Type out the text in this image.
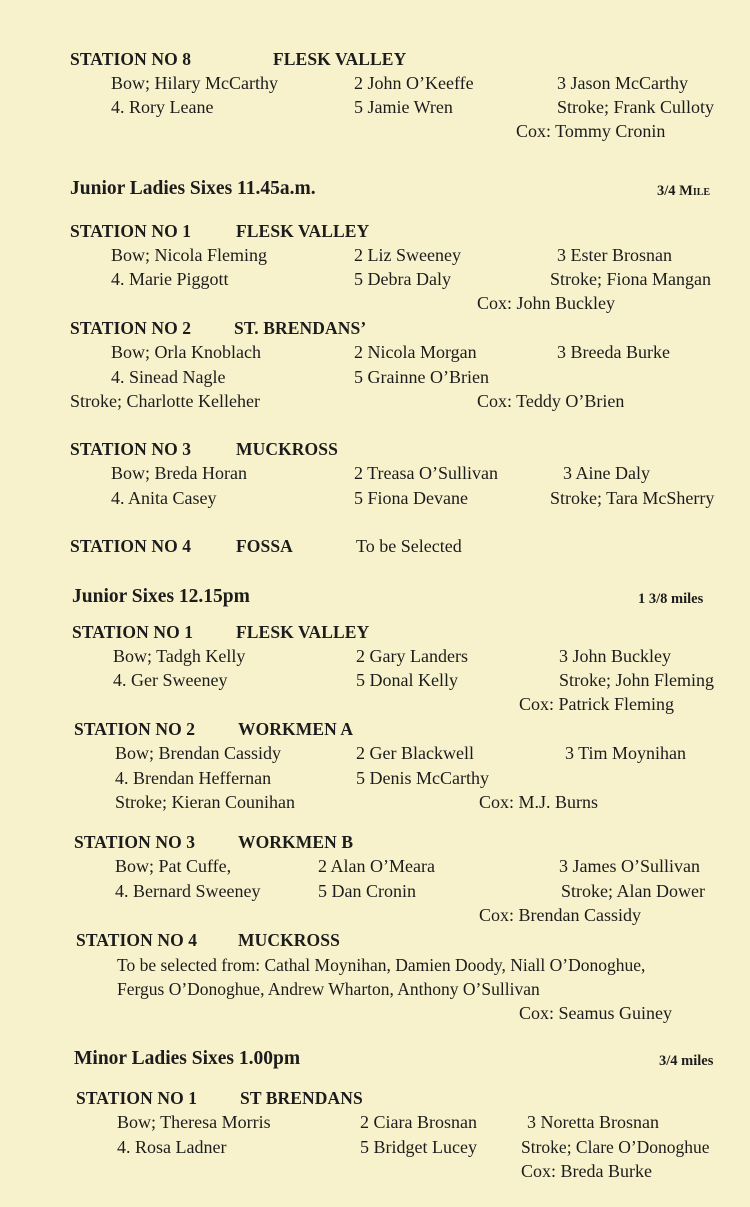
STATION NO 8	FLESK VALLEY
Bow; Hilary McCarthy	2 John O’Keeffe	3 Jason McCarthy
4. Rory Leane	5 Jamie Wren	Stroke; Frank Culloty
Cox: Tommy Cronin
Junior Ladies Sixes 11.45a.m.	3/4 Mile
STATION NO 1	FLESK VALLEY
Bow; Nicola Fleming	2 Liz Sweeney	3 Ester Brosnan
4. Marie Piggott	5 Debra Daly	Stroke; Fiona Mangan
Cox: John Buckley
STATION NO 2 ST. BRENDANS’
Bow; Orla Knoblach	2 Nicola Morgan	3 Breeda Burke
4. Sinead Nagle	5 Grainne O’Brien
Stroke; Charlotte Kelleher	Cox: Teddy O’Brien
STATION NO 3	MUCKROSS
Bow; Breda Horan	2 Treasa O’Sullivan	3 Aine Daly
4. Anita Casey	5 Fiona Devane	Stroke; Tara McSherry
STATION NO 4	FOSSA	To be Selected
Junior Sixes 12.15pm	1 3/8 miles
STATION NO 1 FLESK VALLEY
Bow; Tadgh Kelly	2 Gary Landers	3 John Buckley
4. Ger Sweeney	5 Donal Kelly	Stroke; John Fleming
Cox: Patrick Fleming
STATION NO 2 WORKMEN A
Bow; Brendan Cassidy	2 Ger Blackwell	3 Tim Moynihan
4. Brendan Heffernan	5 Denis McCarthy
Stroke; Kieran Counihan	Cox: M.J. Burns
STATION NO 3 WORKMEN B
Bow; Pat Cuffe,	2 Alan O’Meara	3 James O’Sullivan
4. Bernard Sweeney	5 Dan Cronin	Stroke; Alan Dower
Cox: Brendan Cassidy
STATION NO 4 MUCKROSS
To be selected from: Cathal Moynihan, Damien Doody, Niall O’Donoghue,
Fergus O’Donoghue, Andrew Wharton, Anthony O’Sullivan
Cox: Seamus Guiney
Minor Ladies Sixes 1.00pm	3/4 miles
STATION NO 1 ST BRENDANS
Bow; Theresa Morris	2 Ciara Brosnan	3 Noretta Brosnan
4. Rosa Ladner	5 Bridget Lucey	Stroke; Clare O’Donoghue
Cox: Breda Burke
